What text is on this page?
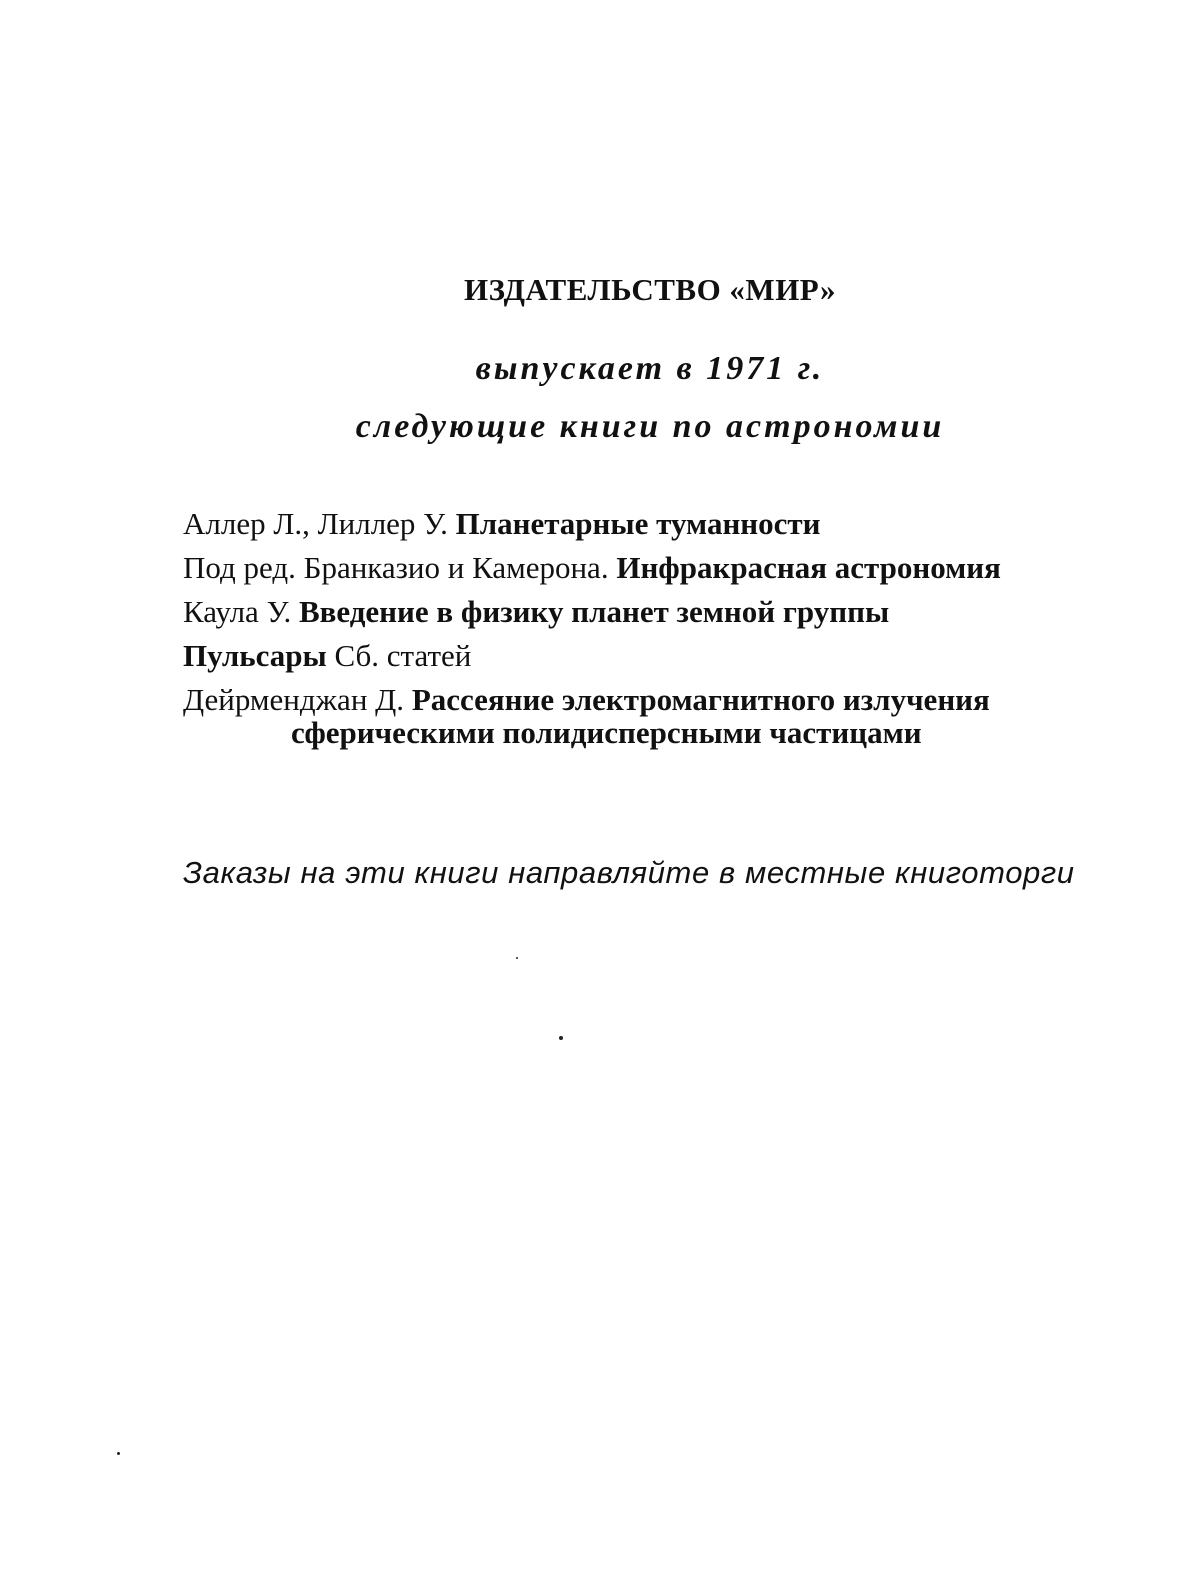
ИЗДАТЕЛЬСТВО «МИР»
выпускает в 1971 г.
следующие книги по астрономии
Аллер Л., Лиллер У. Планетарные туманности
Под ред. Бранказио и Камерона. Инфракрасная астрономия
Каула У. Введение в физику планет земной группы
Пульсары Сб. статей
Дейрменджан Д. Рассеяние электромагнитного излучения
сферическими полидисперсными частицами
Заказы на эти книги направляйте в местные книготорги
